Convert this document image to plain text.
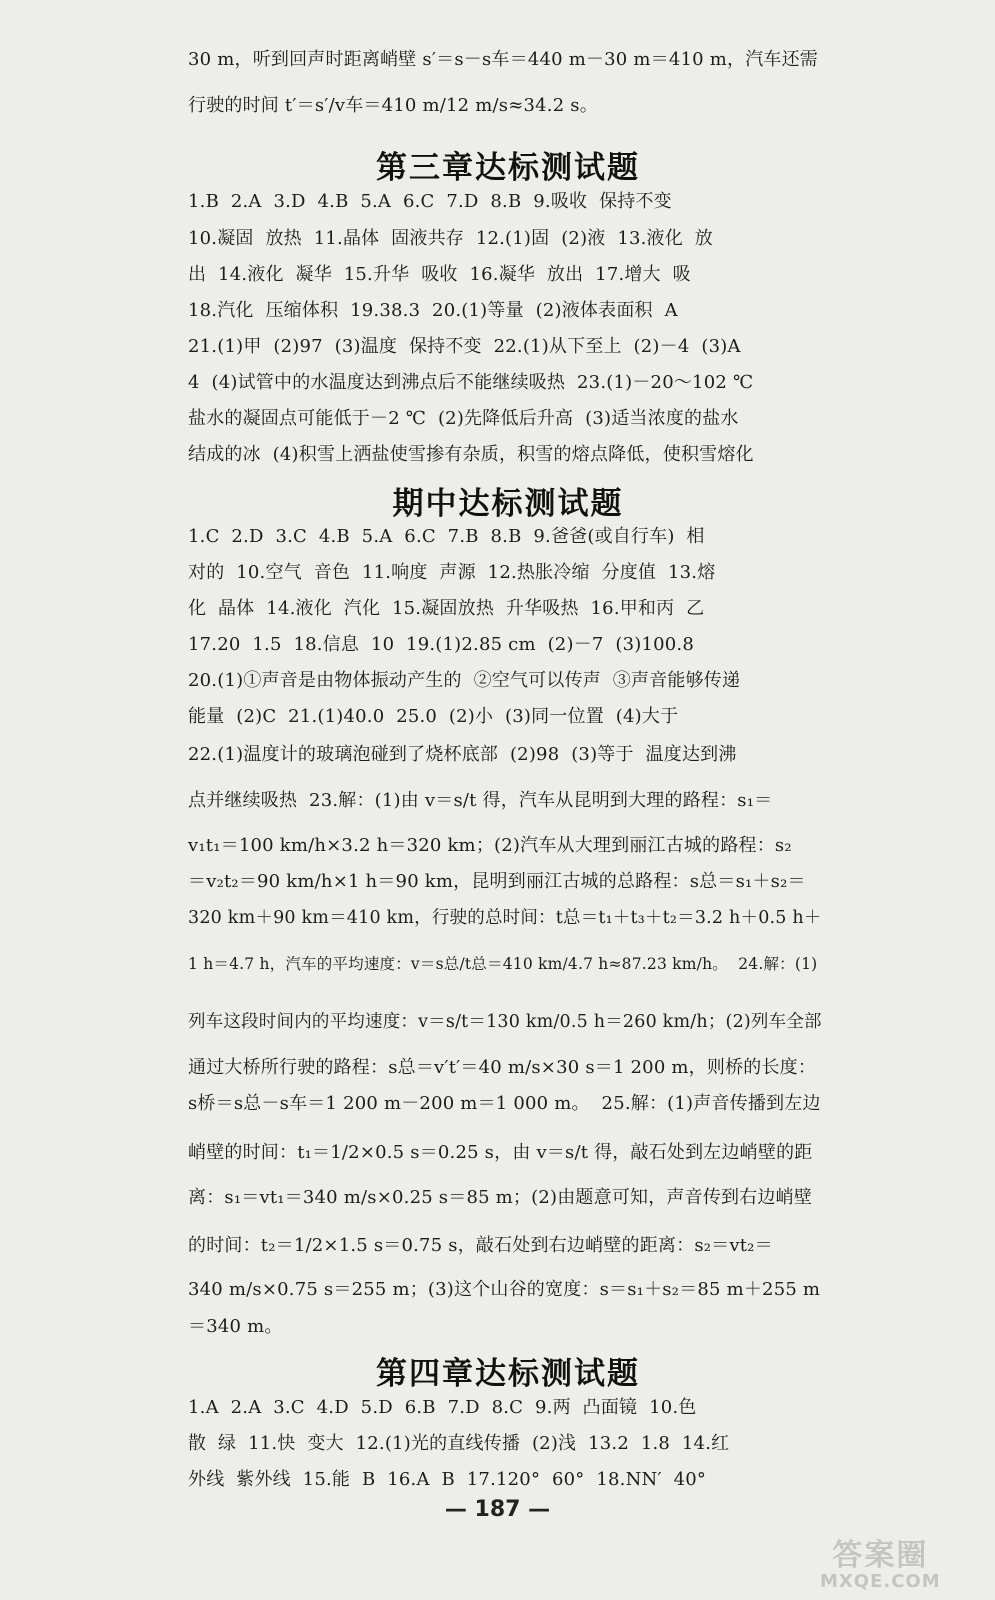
30 m，听到回声时距离峭壁 s′＝s－s车＝440 m－30 m＝410 m，汽车还需
行驶的时间 t′＝s′/v车＝410 m/12 m/s≈34.2 s。
第三章达标测试题
1.B  2.A  3.D  4.B  5.A  6.C  7.D  8.B  9.吸收  保持不变
10.凝固  放热  11.晶体  固液共存  12.(1)固  (2)液  13.液化  放
出  14.液化  凝华  15.升华  吸收  16.凝华  放出  17.增大  吸
18.汽化  压缩体积  19.38.3  20.(1)等量  (2)液体表面积  A
21.(1)甲  (2)97  (3)温度  保持不变  22.(1)从下至上  (2)－4  (3)A
4  (4)试管中的水温度达到沸点后不能继续吸热  23.(1)－20～102 ℃
盐水的凝固点可能低于－2 ℃  (2)先降低后升高  (3)适当浓度的盐水
结成的冰  (4)积雪上洒盐使雪掺有杂质，积雪的熔点降低，使积雪熔化
期中达标测试题
1.C  2.D  3.C  4.B  5.A  6.C  7.B  8.B  9.爸爸(或自行车)  相
对的  10.空气  音色  11.响度  声源  12.热胀冷缩  分度值  13.熔
化  晶体  14.液化  汽化  15.凝固放热  升华吸热  16.甲和丙  乙
17.20  1.5  18.信息  10  19.(1)2.85 cm  (2)－7  (3)100.8
20.(1)①声音是由物体振动产生的  ②空气可以传声  ③声音能够传递
能量  (2)C  21.(1)40.0  25.0  (2)小  (3)同一位置  (4)大于
22.(1)温度计的玻璃泡碰到了烧杯底部  (2)98  (3)等于  温度达到沸
点并继续吸热  23.解：(1)由 v＝s/t 得，汽车从昆明到大理的路程：s₁＝
v₁t₁＝100 km/h×3.2 h＝320 km；(2)汽车从大理到丽江古城的路程：s₂
＝v₂t₂＝90 km/h×1 h＝90 km，昆明到丽江古城的总路程：s总＝s₁＋s₂＝
320 km＋90 km＝410 km，行驶的总时间：t总＝t₁＋t₃＋t₂＝3.2 h＋0.5 h＋
1 h＝4.7 h，汽车的平均速度：v＝s总/t总＝410 km/4.7 h≈87.23 km/h。  24.解：(1)
列车这段时间内的平均速度：v＝s/t＝130 km/0.5 h＝260 km/h；(2)列车全部
通过大桥所行驶的路程：s总＝v′t′＝40 m/s×30 s＝1 200 m，则桥的长度：
s桥＝s总－s车＝1 200 m－200 m＝1 000 m。  25.解：(1)声音传播到左边
峭壁的时间：t₁＝1/2×0.5 s＝0.25 s，由 v＝s/t 得，敲石处到左边峭壁的距
离：s₁＝vt₁＝340 m/s×0.25 s＝85 m；(2)由题意可知，声音传到右边峭壁
的时间：t₂＝1/2×1.5 s＝0.75 s，敲石处到右边峭壁的距离：s₂＝vt₂＝
340 m/s×0.75 s＝255 m；(3)这个山谷的宽度：s＝s₁＋s₂＝85 m＋255 m
＝340 m。
第四章达标测试题
1.A  2.A  3.C  4.D  5.D  6.B  7.D  8.C  9.两  凸面镜  10.色
散  绿  11.快  变大  12.(1)光的直线传播  (2)浅  13.2  1.8  14.红
外线  紫外线  15.能  B  16.A  B  17.120°  60°  18.NN′  40°
— 187 —
答案圈
MXQE.COM
